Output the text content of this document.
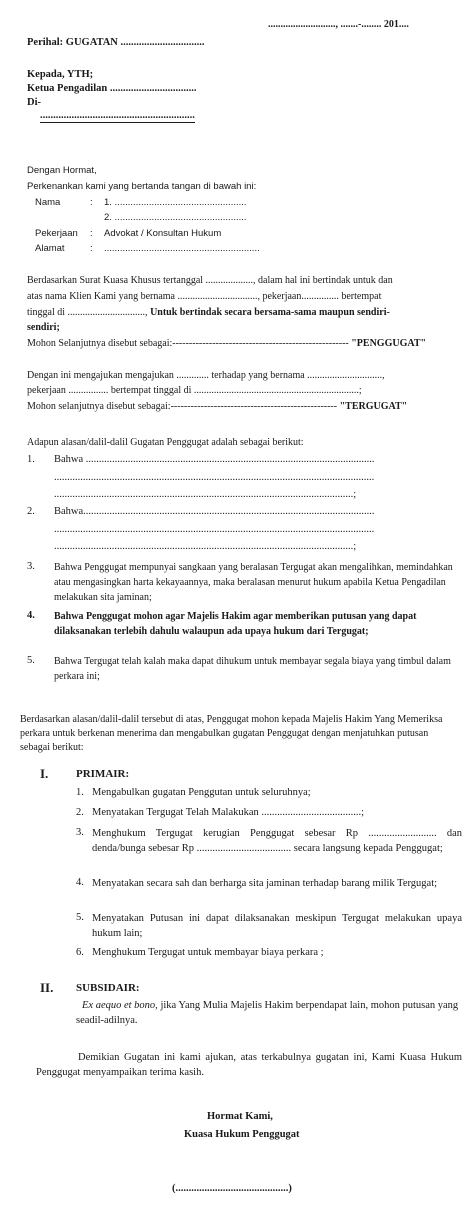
..........................., .......-........ 201....
Perihal: GUGATAN ................................
Kepada, YTH;
Ketua Pengadilan .................................
Di-
...........................................................
Dengan Hormat,
Perkenankan kami yang bertanda tangan di bawah ini:
Nama	: 1. ..................................................
2. ..................................................
Pekerjaan : Advokat / Konsultan Hukum
Alamat	: ...........................................................
Berdasarkan Surat Kuasa Khusus tertanggal ..................., dalam hal ini bertindak untuk dan
atas nama Klien Kami yang bernama ................................, pekerjaan............... bertempat
tinggal di ..............................., Untuk bertindak secara bersama-sama maupun sendiri-
sendiri;
Mohon Selanjutnya disebut sebagai:----------------------------------------------------- "PENGGUGAT"
Dengan ini mengajukan mengajukan ............. terhadap yang bernama ..............................,
pekerjaan ................ bertempat tinggal di ..................................................................;
Mohon selanjutnya disebut sebagai:-------------------------------------------------- "TERGUGAT"
Adapun alasan/dalil-dalil Gugatan Penggugat adalah sebagai berikut:
1. Bahwa ..............................................................................................................
..........................................................................................................................
..................................................................................................................;
2. Bahwa...............................................................................................................
..........................................................................................................................
..................................................................................................................;
3. Bahwa Penggugat mempunyai sangkaan yang beralasan Tergugat akan mengalihkan, memindahkan atau mengasingkan harta kekayaannya, maka beralasan menurut hukum apabila Ketua Pengadilan melakukan sita jaminan;
4. Bahwa Penggugat mohon agar Majelis Hakim agar memberikan putusan yang dapat dilaksanakan terlebih dahulu walaupun ada upaya hukum dari Tergugat;
5. Bahwa Tergugat telah kalah maka dapat dihukum untuk membayar segala biaya yang timbul dalam perkara ini;
Berdasarkan alasan/dalil-dalil tersebut di atas, Penggugat mohon kepada Majelis Hakim Yang Memeriksa perkara untuk berkenan menerima dan mengabulkan gugatan Penggugat dengan menjatuhkan putusan sebagai berikut:
I.	PRIMAIR:
1. Mengabulkan gugatan Penggutan untuk seluruhnya;
2. Menyatakan Tergugat Telah Malakukan ......................................;
3. Menghukum Tergugat kerugian Penggugat sebesar Rp .......................... dan denda/bunga sebesar Rp .................................... secara langsung kepada Penggugat;
4. Menyatakan secara sah dan berharga sita jaminan terhadap barang milik Tergugat;
5. Menyatakan Putusan ini dapat dilaksanakan meskipun Tergugat melakukan upaya hukum lain;
6. Menghukum Tergugat untuk membayar biaya perkara ;
II. SUBSIDAIR:
Ex aequo et bono, jika Yang Mulia Majelis Hakim berpendapat lain, mohon putusan yang seadil-adilnya.
Demikian Gugatan ini kami ajukan, atas terkabulnya gugatan ini, Kami Kuasa Hukum Penggugat menyampaikan terima kasih.
Hormat Kami,
Kuasa Hukum Penggugat
(...........................................)
